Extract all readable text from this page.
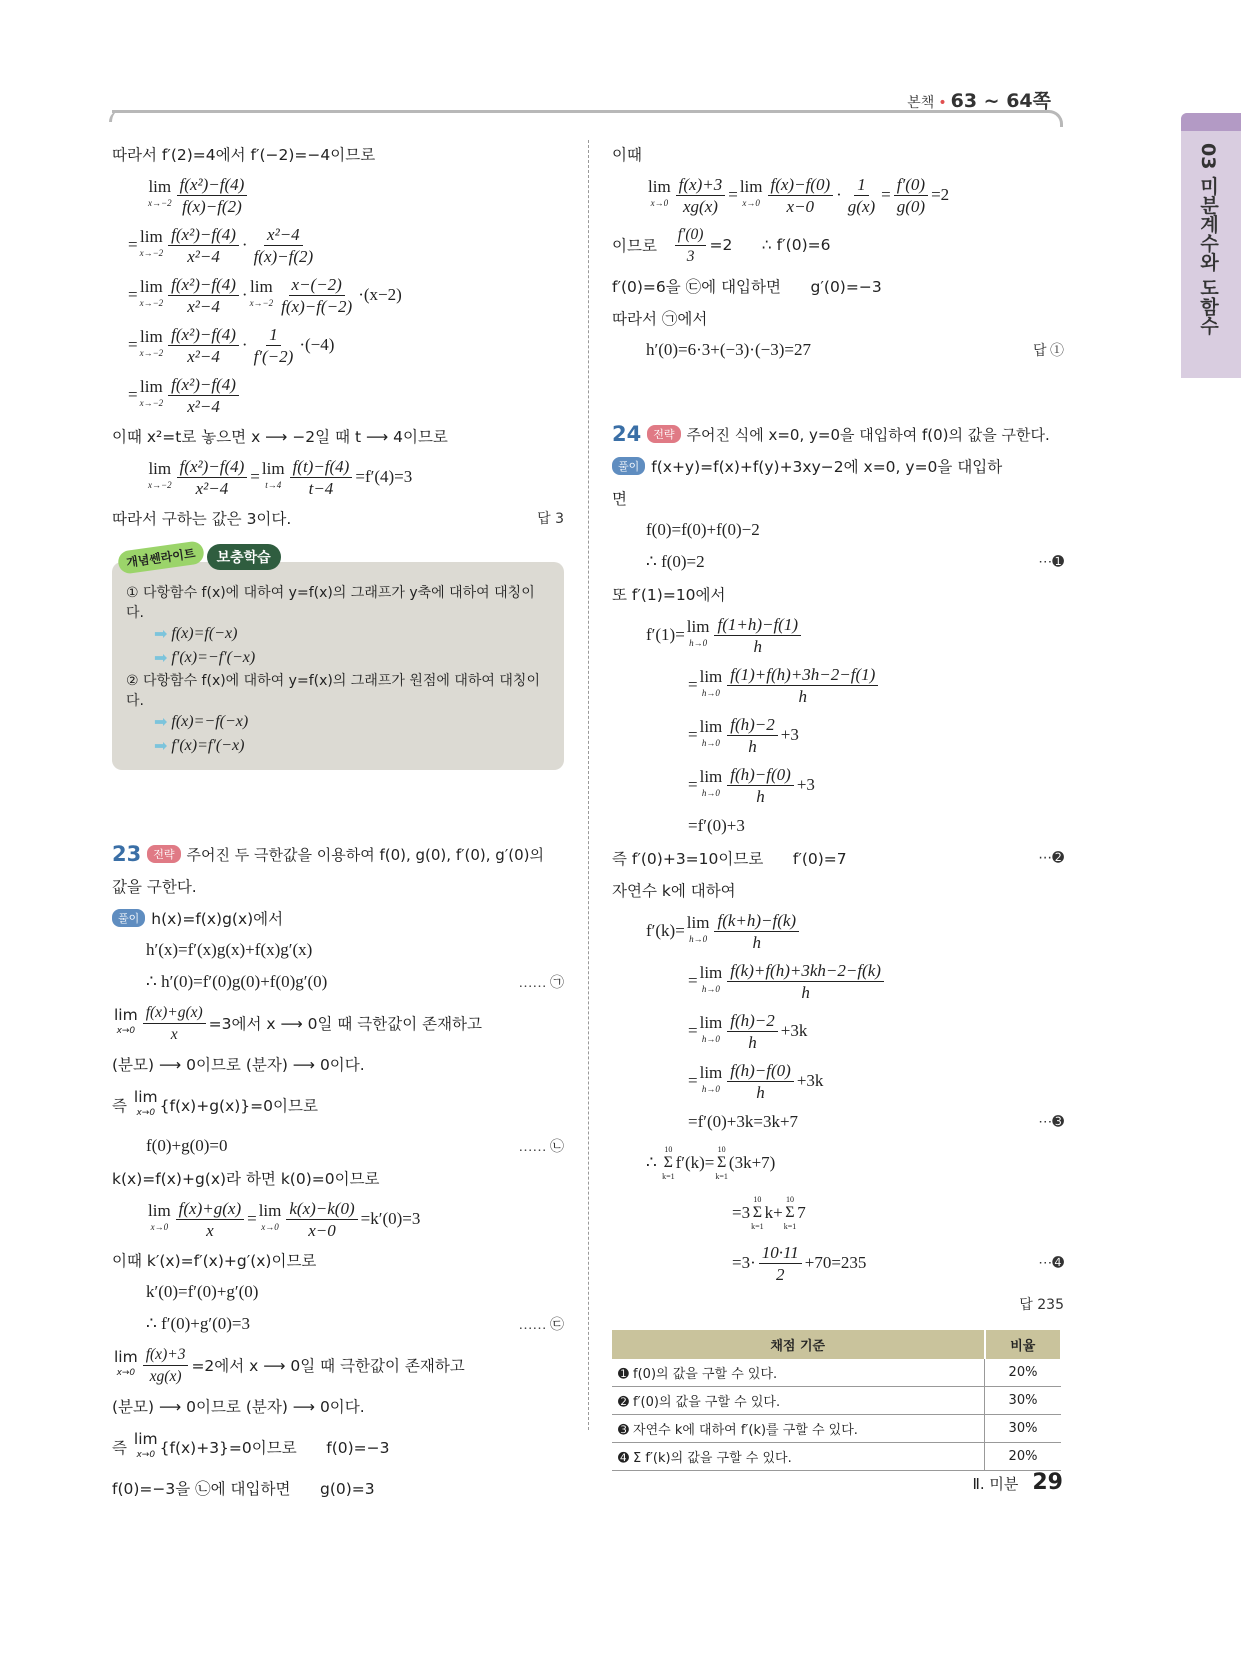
본책 • 63 ~ 64쪽
03 미분계수와 도함수
따라서 f′(2)=4에서 f′(−2)=−4이므로
lim
$x\to-2 \frac{\text{f(x²)−f(4)}}{f(x)-f(2)}$
= lim
$x\to-2 \frac{\text{f(x²)−f(4)}}{\text{x²−4}} \cdot \frac{\text{x²−4}}{f(x)-f(2)}$
= lim
$x\to-2 \frac{\text{f(x²)−f(4)}}{\text{x²−4}} \cdot \lim$
$x\to-2 \frac{x-(-2)}{f(x)-f(-2)} \cdot(x-2)$
= lim
$x\to-2 \frac{\text{f(x²)−f(4)}}{\text{x²−4}} \cdot \frac{1}{f'(-2)} \cdot(-4)$
= lim
$x\to-2 \frac{\text{f(x²)−f(4)}}{\text{x²−4}}$
이때 x²=t로 놓으면 x ⟶ −2일 때 t ⟶ 4이므로
lim
$x\to-2 \frac{\text{f(x²)−f(4)}}{\text{x²−4}} = \lim$
$t\to 4 \frac{f(t)-f(4)}{t-4} =f'(4)=3$
따라서 구하는 값은 3이다.	답 3
개념쎈라이트	보충학습
① 다항함수 f(x)에 대하여 y=f(x)의 그래프가 y축에 대하여 대칭이다.
➡ f(x)=f(−x)
➡ f′(x)=−f′(−x)
② 다항함수 f(x)에 대하여 y=f(x)의 그래프가 원점에 대하여 대칭이다.
➡ f(x)=−f(−x)
➡ f′(x)=f′(−x)
23	전략 주어진 두 극한값을 이용하여 f(0), g(0), f′(0), g′(0)의
값을 구한다.
풀이 h(x)=f(x)g(x)에서
h′(x)=f′(x)g(x)+f(x)g′(x)
∴ h′(0)=f′(0)g(0)+f(0)g′(0)	…… ㉠
lim
$x\to 0 \frac{f(x)+g(x)}{x} =3$에서 x ⟶ 0일 때 극한값이 존재하고
(분모) ⟶ 0이므로 (분자) ⟶ 0이다.
즉 lim
x→0 {f(x)+g(x)}=0이므로
f(0)+g(0)=0	…… ㉡
k(x)=f(x)+g(x)라 하면 k(0)=0이므로
lim
$x\to 0 \frac{f(x)+g(x)}{x} = \lim$
$x\to 0 \frac{k(x)-k(0)}{x-0} =k'(0)=3$
이때 k′(x)=f′(x)+g′(x)이므로
k′(0)=f′(0)+g′(0)
∴ f′(0)+g′(0)=3	…… ㉢
lim
$x\to 0 \frac{f(x)+3}{xg(x)} =2$에서 x ⟶ 0일 때 극한값이 존재하고
(분모) ⟶ 0이므로 (분자) ⟶ 0이다.
즉 lim
x→0 {f(x)+3}=0이므로      f(0)=−3
f(0)=−3을 ㉡에 대입하면      g(0)=3
이때
lim
$x\to 0 \frac{f(x)+3}{xg(x)} = \lim$
$x\to 0 \frac{f(x)-f(0)}{x-0} \cdot \frac{1}{g(x)} = \frac{f'(0)}{g(0)} =2$
이므로 $\frac{f'(0)}{3} =2$      ∴ f′(0)=6
f′(0)=6을 ㉢에 대입하면      g′(0)=−3
따라서 ㉠에서
h′(0)=6·3+(−3)·(−3)=27	답 ①
24	전략 주어진 식에 x=0, y=0을 대입하여 f(0)의 값을 구한다.
풀이 f(x+y)=f(x)+f(y)+3xy−2에 x=0, y=0을 대입하
면
f(0)=f(0)+f(0)−2
∴ f(0)=2	⋯➊
또 f′(1)=10에서
f′(1)= lim
$h\to 0 \frac{f(1+h)-f(1)}{h}$
= lim
$h\to 0 \frac{f(1)+f(h)+3h-2-f(1)}{h}$
= lim
$h\to 0 \frac{f(h)-2}{h} +3$
= lim
$h\to 0 \frac{f(h)-f(0)}{h} +3$
=f′(0)+3
즉 f′(0)+3=10이므로      f′(0)=7	⋯➋
자연수 k에 대하여
f′(k)= lim
$h\to 0 \frac{f(k+h)-f(k)}{h}$
= lim
$h\to 0 \frac{f(k)+f(h)+3kh-2-f(k)}{h}$
= lim
$h\to 0 \frac{f(h)-2}{h} +3k$
= lim
$h\to 0 \frac{f(h)-f(0)}{h} +3k$
=f′(0)+3k=3k+7	⋯➌
∴
10
Σ
k=1
f′(k)=
10
Σ
k=1
(3k+7)
=3
10
Σ
k=1
k+
10
Σ
k=1
7
$=3\cdot \frac{10\cdot 11}{2} +70=235$	⋯➍
답 235
채점 기준	비율
➊ f(0)의 값을 구할 수 있다.	20%
➋ f′(0)의 값을 구할 수 있다.	30%
➌ 자연수 k에 대하여 f′(k)를 구할 수 있다.	30%
➍ Σ f′(k)의 값을 구할 수 있다.	20%
Ⅱ. 미분 29
